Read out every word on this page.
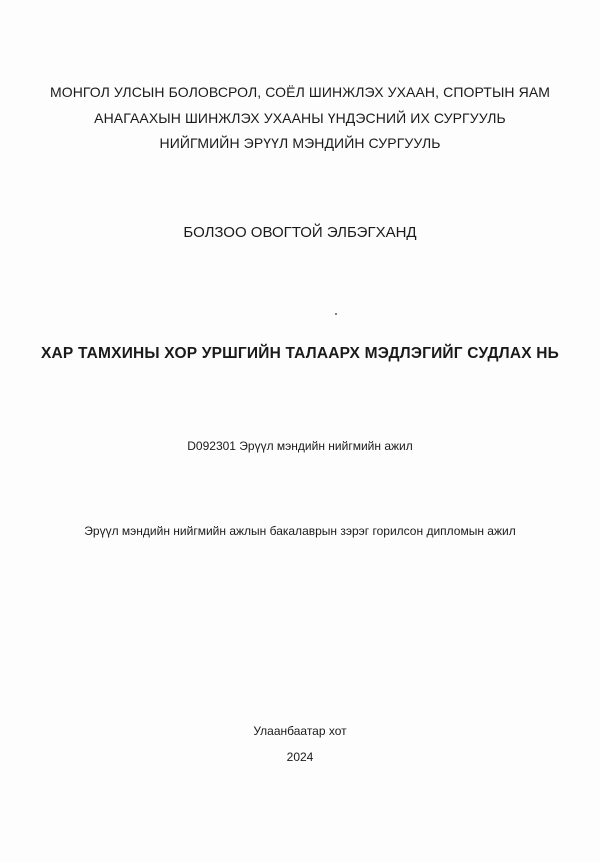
МОНГОЛ УЛСЫН БОЛОВСРОЛ, СОЁЛ ШИНЖЛЭХ УХААН, СПОРТЫН ЯАМ
АНАГААХЫН ШИНЖЛЭХ УХААНЫ ҮНДЭСНИЙ ИХ СУРГУУЛЬ
НИЙГМИЙН ЭРҮҮЛ МЭНДИЙН СУРГУУЛЬ
БОЛЗОО ОВОГТОЙ ЭЛБЭГХАНД
ХАР ТАМХИНЫ ХОР УРШГИЙН ТАЛААРХ МЭДЛЭГИЙГ СУДЛАХ НЬ
D092301 Эрүүл мэндийн нийгмийн ажил
Эрүүл мэндийн нийгмийн ажлын бакалаврын зэрэг горилсон дипломын ажил
Улаанбаатар хот
2024
